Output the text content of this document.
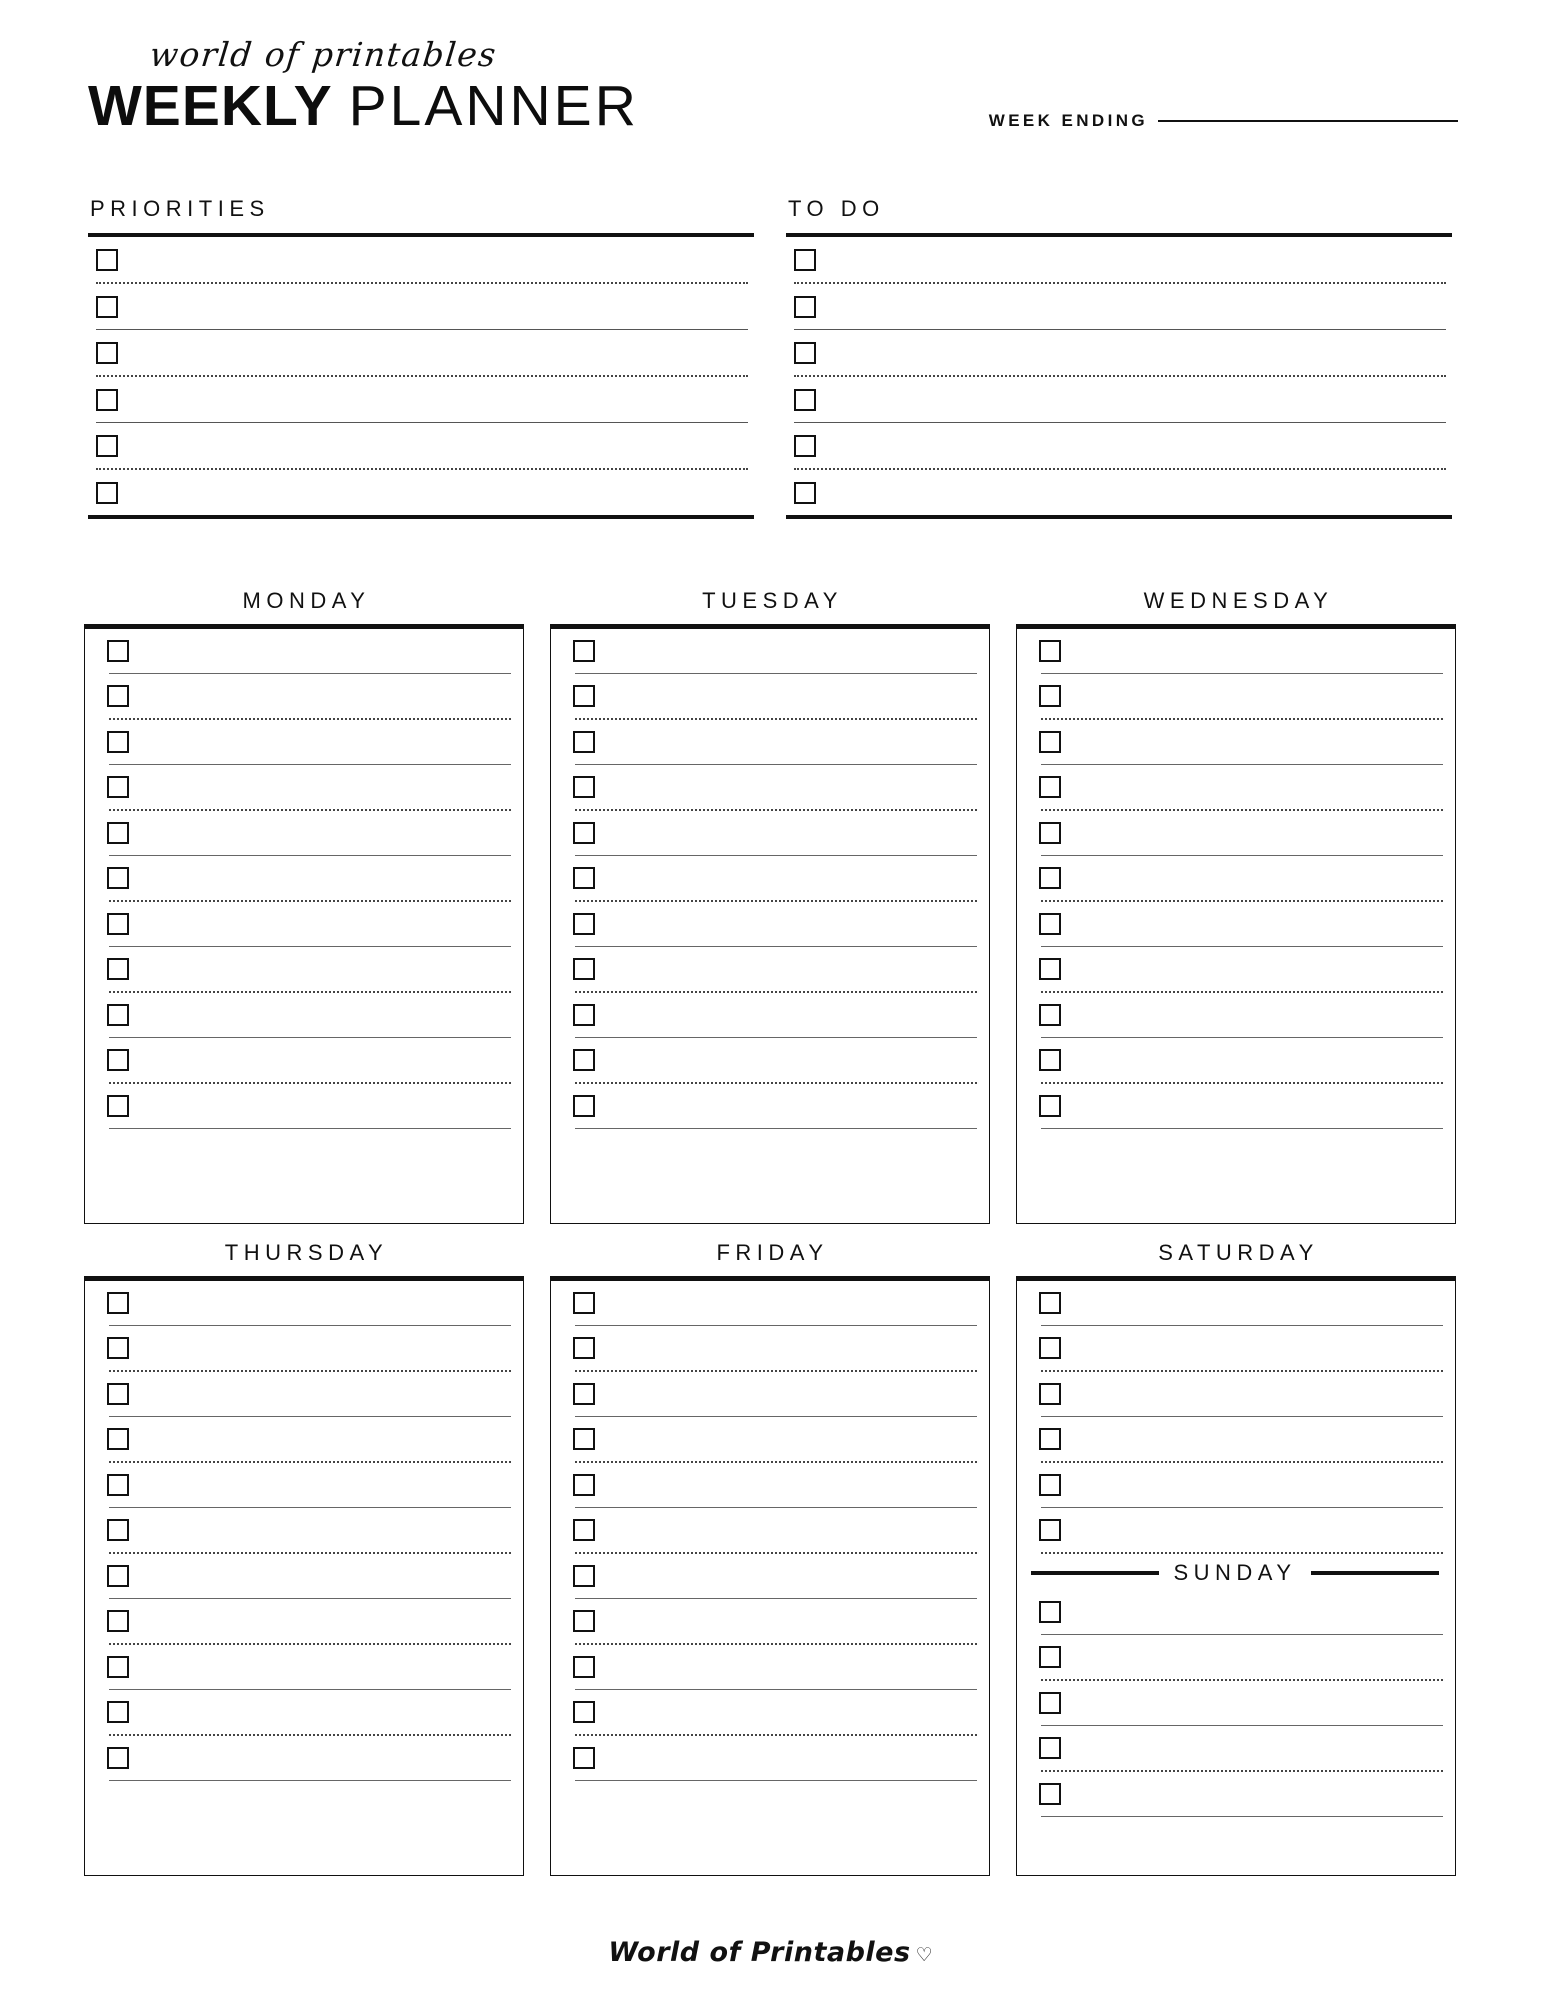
world of printables
WEEKLY PLANNER	WEEK ENDING
PRIORITIES	TO DO
MONDAY	TUESDAY	WEDNESDAY
THURSDAY	FRIDAY	SATURDAY
SUNDAY
World of Printables ♡
